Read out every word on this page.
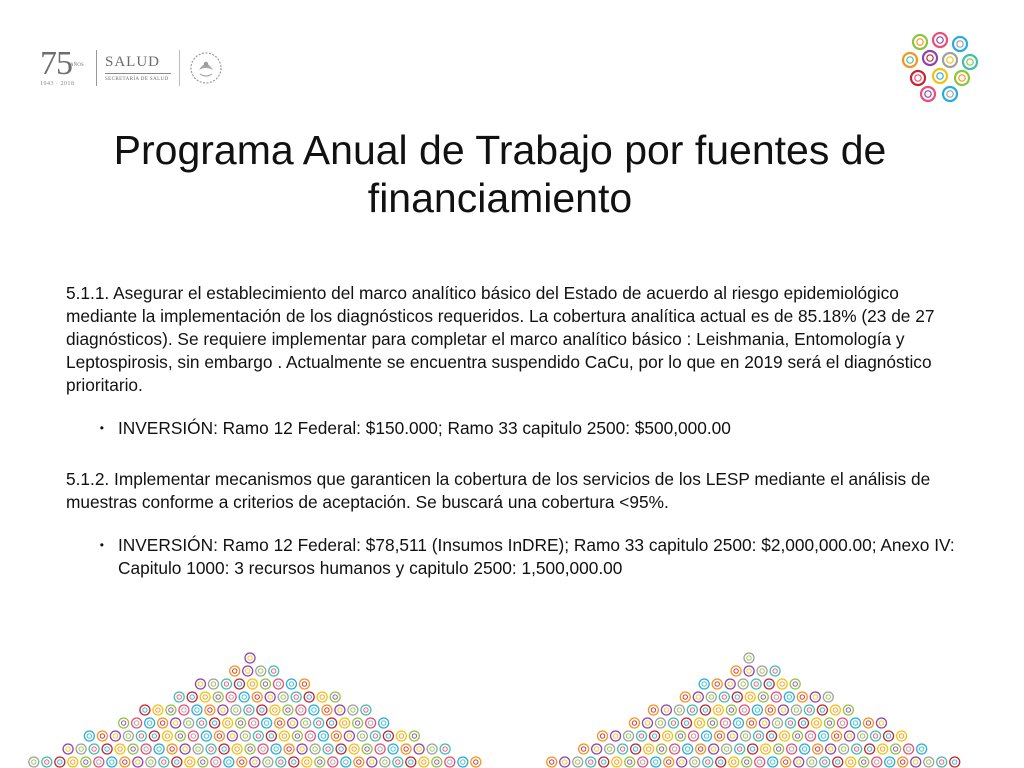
75
AÑOS
1943 · 2018
SALUD
SECRETARÍA DE SALUD
Programa Anual de Trabajo por fuentes de financiamiento

5.1.1. Asegurar el establecimiento del marco analítico básico del Estado de acuerdo al riesgo epidemiológico mediante la implementación de los diagnósticos requeridos. La cobertura analítica actual es de 85.18% (23 de 27 diagnósticos). Se requiere implementar para completar el marco analítico básico : Leishmania, Entomología y Leptospirosis, sin embargo . Actualmente se encuentra suspendido CaCu, por lo que en 2019 será el diagnóstico prioritario.

• INVERSIÓN: Ramo 12 Federal: $150.000; Ramo 33 capitulo 2500: $500,000.00

5.1.2. Implementar mecanismos que garanticen la cobertura de los servicios de los LESP mediante el análisis de muestras conforme a criterios de aceptación. Se buscará una cobertura <95%.

• INVERSIÓN: Ramo 12 Federal: $78,511 (Insumos InDRE); Ramo 33 capitulo 2500: $2,000,000.00; Anexo IV: Capitulo 1000: 3 recursos humanos y capitulo 2500: 1,500,000.00
